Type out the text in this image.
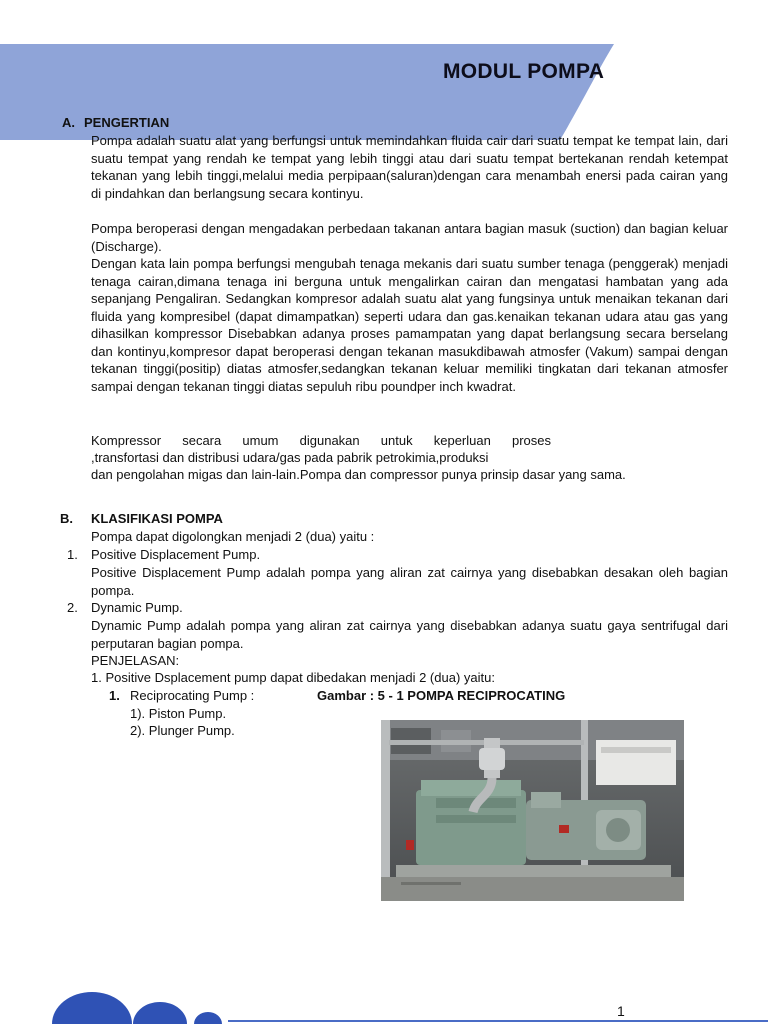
MODUL POMPA
A. PENGERTIAN

Pompa adalah suatu alat yang berfungsi untuk memindahkan fluida cair dari suatu tempat ke tempat lain, dari suatu tempat yang rendah ke tempat yang lebih tinggi atau dari suatu tempat bertekanan rendah ketempat tekanan yang lebih tinggi,melalui media perpipaan(saluran)dengan cara menambah enersi pada cairan yang di pindahkan dan berlangsung secara kontinyu.

Pompa beroperasi dengan mengadakan perbedaan takanan antara bagian masuk (suction) dan bagian keluar (Discharge).

Dengan kata lain pompa berfungsi mengubah tenaga mekanis dari suatu sumber tenaga (penggerak) menjadi tenaga cairan,dimana tenaga ini berguna untuk mengalirkan cairan dan mengatasi hambatan yang ada sepanjang Pengaliran. Sedangkan kompresor adalah suatu alat yang fungsinya untuk menaikan tekanan dari fluida yang kompresibel (dapat dimampatkan) seperti udara dan gas.kenaikan tekanan udara atau gas yang dihasilkan kompressor Disebabkan adanya proses pamampatan yang dapat berlangsung secara berselang dan kontinyu,kompresor dapat beroperasi dengan tekanan masukdibawah atmosfer (Vakum) sampai dengan tekanan tinggi(positip) diatas atmosfer,sedangkan tekanan keluar memiliki tingkatan dari tekanan atmosfer sampai dengan tekanan tinggi diatas sepuluh ribu poundper inch kwadrat.

Kompressor secara umum digunakan untuk keperluan proses

,transfortasi dan distribusi udara/gas pada pabrik petrokimia,produksi
dan pengolahan migas dan lain-lain.Pompa dan compressor punya prinsip dasar yang sama.
B. KLASIFIKASI POMPA
Pompa dapat digolongkan menjadi 2 (dua) yaitu :
1. Positive Displacement Pump.

Positive Displacement Pump adalah pompa yang aliran zat cairnya yang disebabkan desakan oleh bagian pompa.

2. Dynamic Pump.

Dynamic Pump adalah pompa yang aliran zat cairnya yang disebabkan adanya suatu gaya sentrifugal dari perputaran bagian pompa.

PENJELASAN:
1. Positive Dsplacement pump dapat dibedakan menjadi 2 (dua) yaitu:
1. Reciprocating Pump :	Gambar : 5 - 1 POMPA RECIPROCATING
1). Piston Pump.
2). Plunger Pump.
1
